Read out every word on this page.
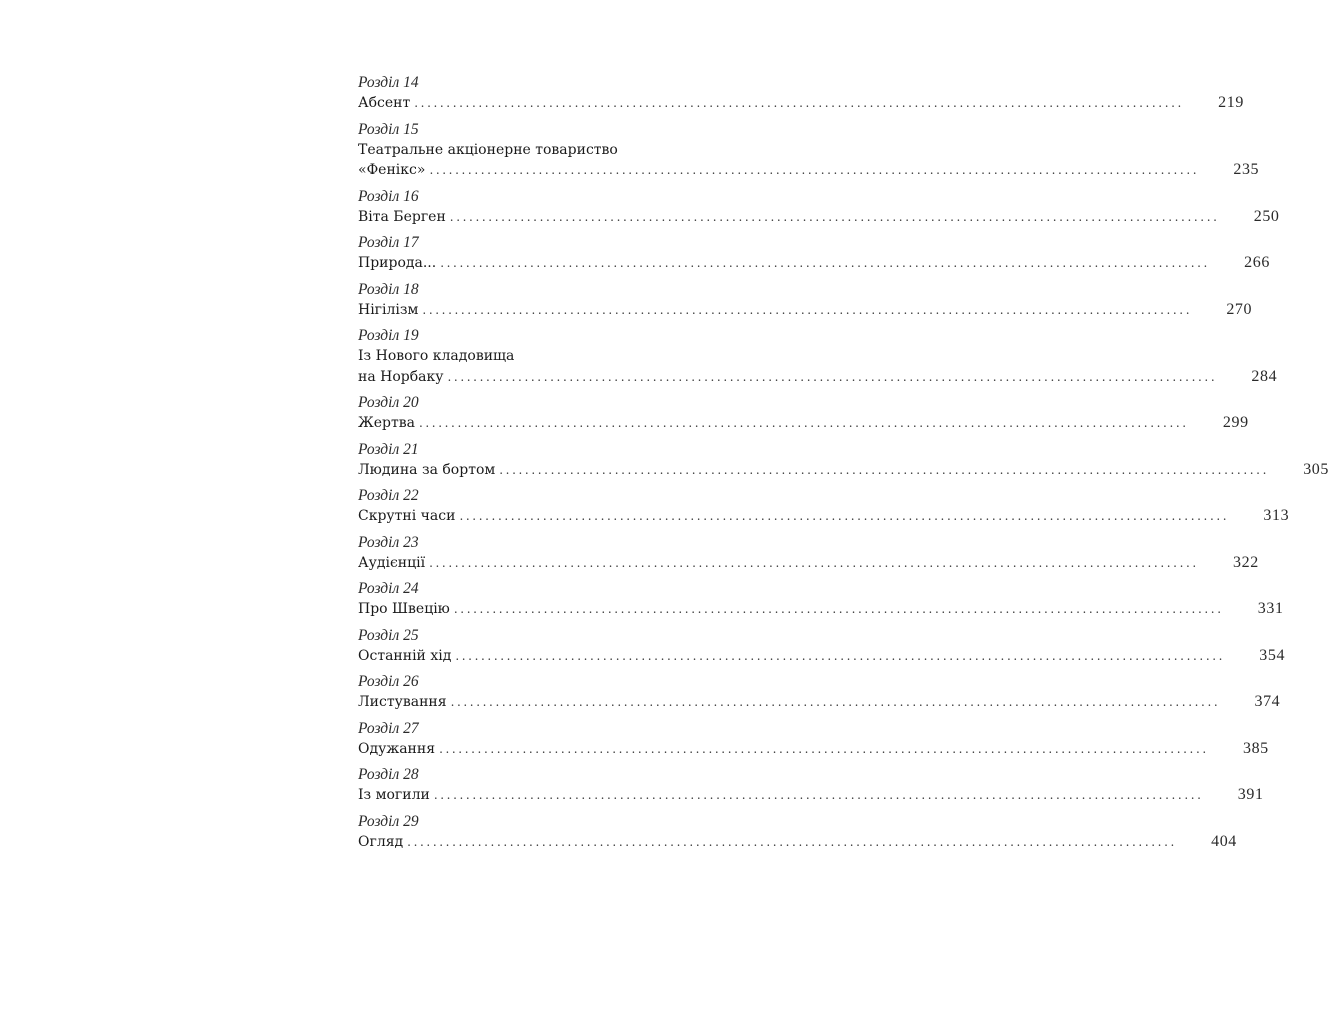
Розділ 14
Абсент ........................................................................................................................	219
Розділ 15
Театральне акціонерне товариство
«Фенікс» ........................................................................................................................	235
Розділ 16
Віта Берген ........................................................................................................................	250
Розділ 17
Природа... ........................................................................................................................	266
Розділ 18
Нігілізм ........................................................................................................................	270
Розділ 19
Із Нового кладовища
на Норбаку ........................................................................................................................	284
Розділ 20
Жертва ........................................................................................................................	299
Розділ 21
Людина за бортом ........................................................................................................................	305
Розділ 22
Скрутні часи ........................................................................................................................	313
Розділ 23
Аудієнції ........................................................................................................................	322
Розділ 24
Про Швецію ........................................................................................................................	331
Розділ 25
Останній хід ........................................................................................................................	354
Розділ 26
Листування ........................................................................................................................	374
Розділ 27
Одужання ........................................................................................................................	385
Розділ 28
Із могили ........................................................................................................................	391
Розділ 29
Огляд ........................................................................................................................	404
